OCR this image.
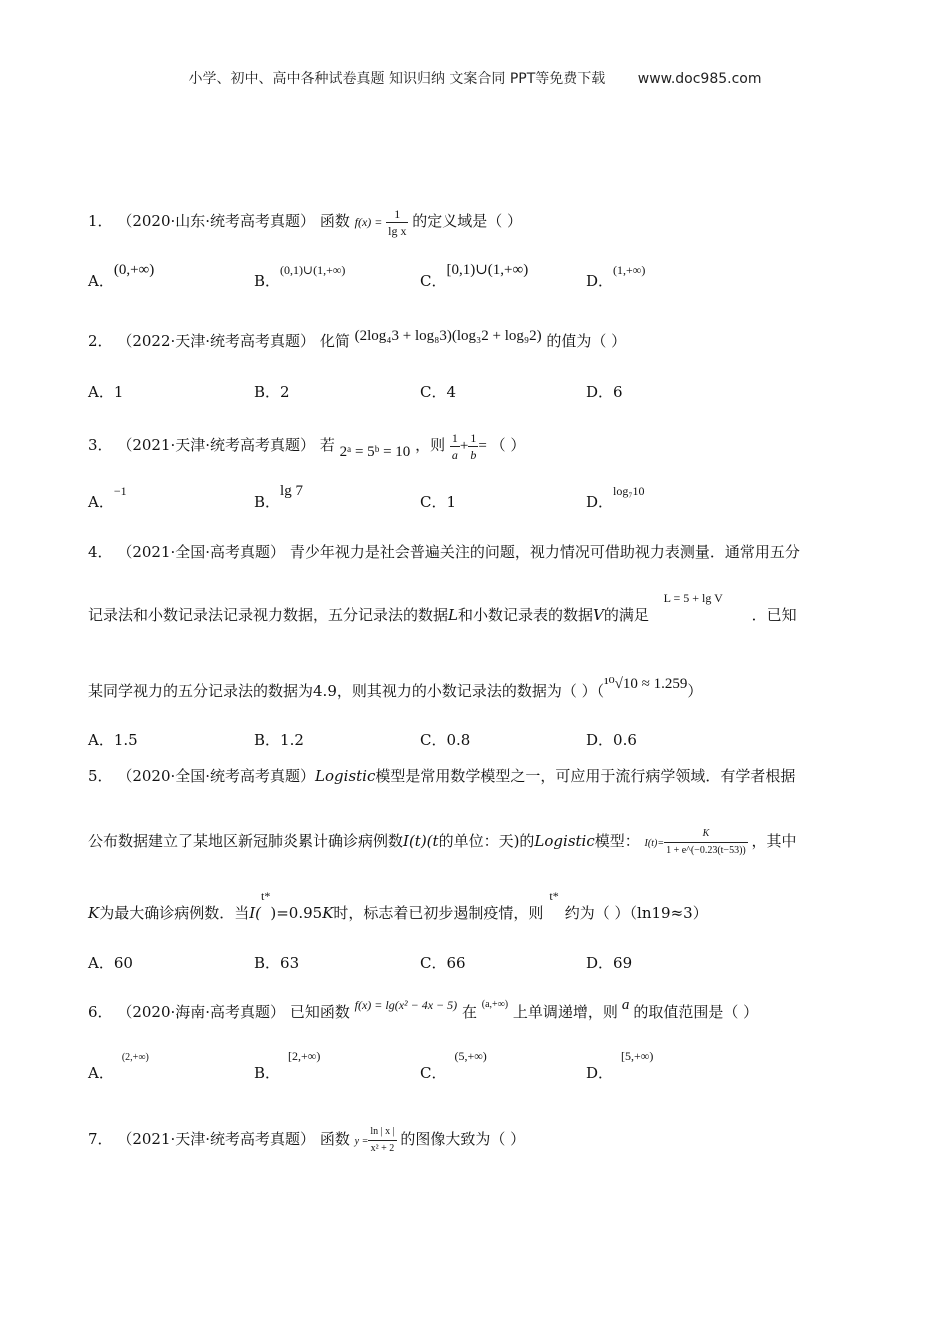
小学、初中、高中各种试卷真题 知识归纳 文案合同 PPT等免费下载 www.doc985.com
1． （2020·山东·统考高考真题） 函数 $f(x) = \frac{1}{\text{lg x}}$ 的定义域是（ ）
A．(0,+∞)
B．$^{(0,1)\cup(1,+\infty)}$
C．[0,1)∪(1,+∞)
D．$^{(1,+\infty)}$
2． （2022·天津·统考高考真题） 化简 (2log₄3 + log₈3)(log₃2 + log₉2) 的值为（ ）
A．1	B．2	C．4	D．6
3． （2021·天津·统考高考真题） 若 2ᵃ = 5ᵇ = 10 ，则 $\frac{1}{a} + \frac{1}{b}$ = （ ）
A．$^{-1}$
B．lg 7
C．1	D．$^{log_710}$
4． （2021·全国·高考真题） 青少年视力是社会普遍关注的问题，视力情况可借助视力表测量．通常用五分
记录法和小数记录法记录视力数据，五分记录法的数据L和小数记录表的数据V的满足 L = 5 + lg V．已知
某同学视力的五分记录法的数据为4.9，则其视力的小数记录法的数据为（ ）（¹⁰√10 ≈ 1.259）
A．1.5	B．1.2	C．0.8	D．0.6
5． （2020·全国·统考高考真题）Logistic模型是常用数学模型之一，可应用于流行病学领域．有学者根据
公布数据建立了某地区新冠肺炎累计确诊病例数I(t)(t的单位：天)的Logistic模型： $I(t)= \frac{K}{1 + e\^{}(-0.23(t-53))}$ ，其中
K为最大确诊病例数．当I($^{t*}$)=0.95K时，标志着已初步遏制疫情，则$^{t*}$约为（ ）（ln19≈3）
A．60	B．63	C．66	D．69
6． （2020·海南·高考真题） 已知函数 $^{f(x) = lg(x^2 - 4x - 5)}$ 在 $^{(a,+\infty)}$ 上单调递增，则 a 的取值范围是（ ）
A．$^{(2,+\infty)}$
B．$^{[2,+\infty)}$
C．$^{(5,+\infty)}$
D．$^{[5,+\infty)}$
7． （2021·天津·统考高考真题） 函数 $y = \frac{\ln | x |}{\text{x² + 2}}$ 的图像大致为（ ）
